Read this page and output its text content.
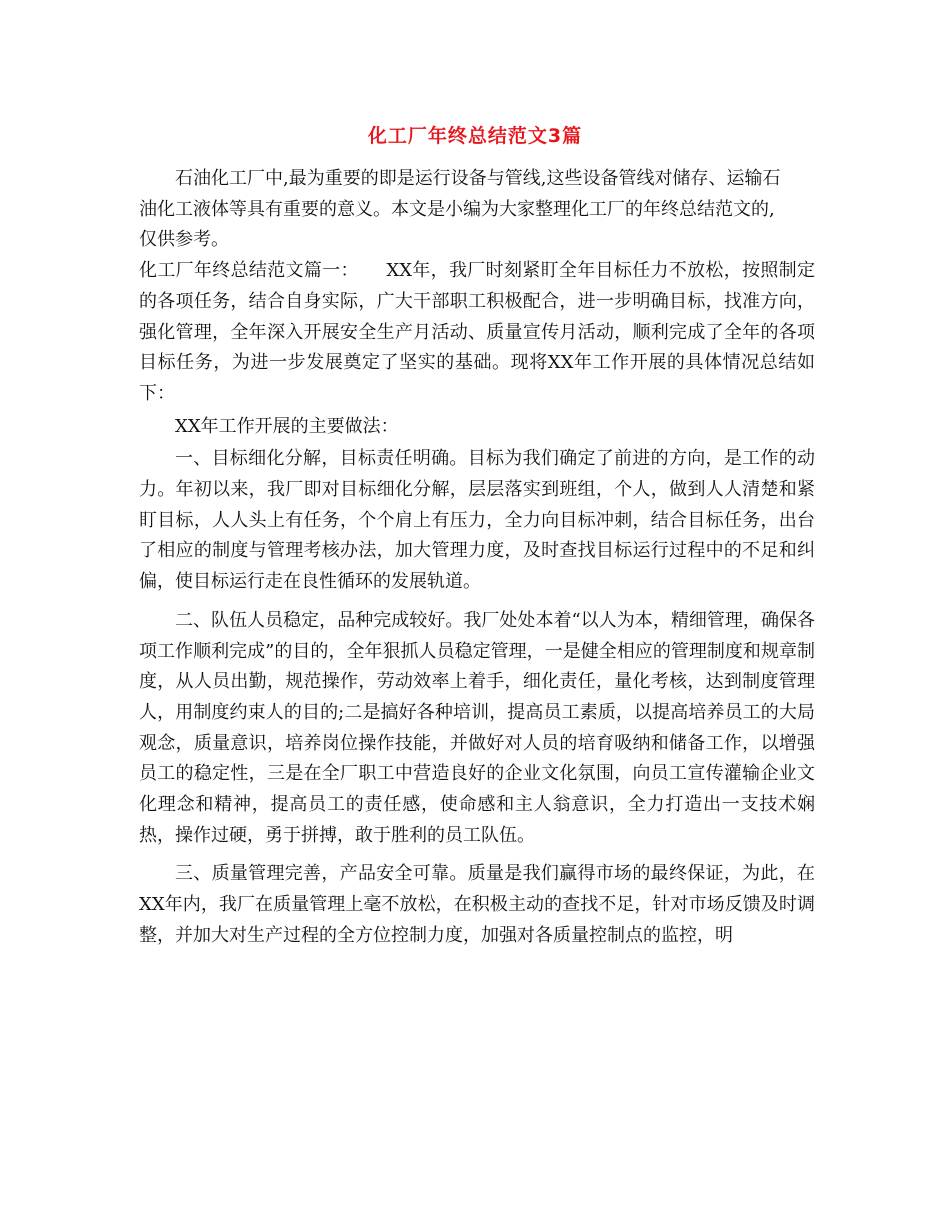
化工厂年终总结范文3篇

石油化工厂中,最为重要的即是运行设备与管线,这些设备管线对储存、运输石
油化工液体等具有重要的意义。本文是小编为大家整理化工厂的年终总结范文的,
仅供参考。

化工厂年终总结范文篇一：　　XX年，我厂时刻紧盯全年目标任力不放松，按照制定的各项任务，结合自身实际，广大干部职工积极配合，进一步明确目标，找准方向，强化管理，全年深入开展安全生产月活动、质量宣传月活动，顺利完成了全年的各项目标任务，为进一步发展奠定了坚实的基础。现将XX年工作开展的具体情况总结如下：

XX年工作开展的主要做法：

一、目标细化分解，目标责任明确。目标为我们确定了前进的方向，是工作的动力。年初以来，我厂即对目标细化分解，层层落实到班组，个人，做到人人清楚和紧盯目标，人人头上有任务，个个肩上有压力，全力向目标冲刺，结合目标任务，出台了相应的制度与管理考核办法，加大管理力度，及时查找目标运行过程中的不足和纠偏，使目标运行走在良性循环的发展轨道。

二、队伍人员稳定，品种完成较好。我厂处处本着“以人为本，精细管理，确保各项工作顺利完成”的目的，全年狠抓人员稳定管理，一是健全相应的管理制度和规章制度，从人员出勤，规范操作，劳动效率上着手，细化责任，量化考核，达到制度管理人，用制度约束人的目的;二是搞好各种培训，提高员工素质，以提高培养员工的大局观念，质量意识，培养岗位操作技能，并做好对人员的培育吸纳和储备工作，以增强员工的稳定性，三是在全厂职工中营造良好的企业文化氛围，向员工宣传灌输企业文化理念和精神，提高员工的责任感，使命感和主人翁意识，全力打造出一支技术娴热，操作过硬，勇于拼搏，敢于胜利的员工队伍。

三、质量管理完善，产品安全可靠。质量是我们赢得市场的最终保证，为此，在XX年内，我厂在质量管理上毫不放松，在积极主动的查找不足，针对市场反馈及时调整，并加大对生产过程的全方位控制力度，加强对各质量控制点的监控，明
